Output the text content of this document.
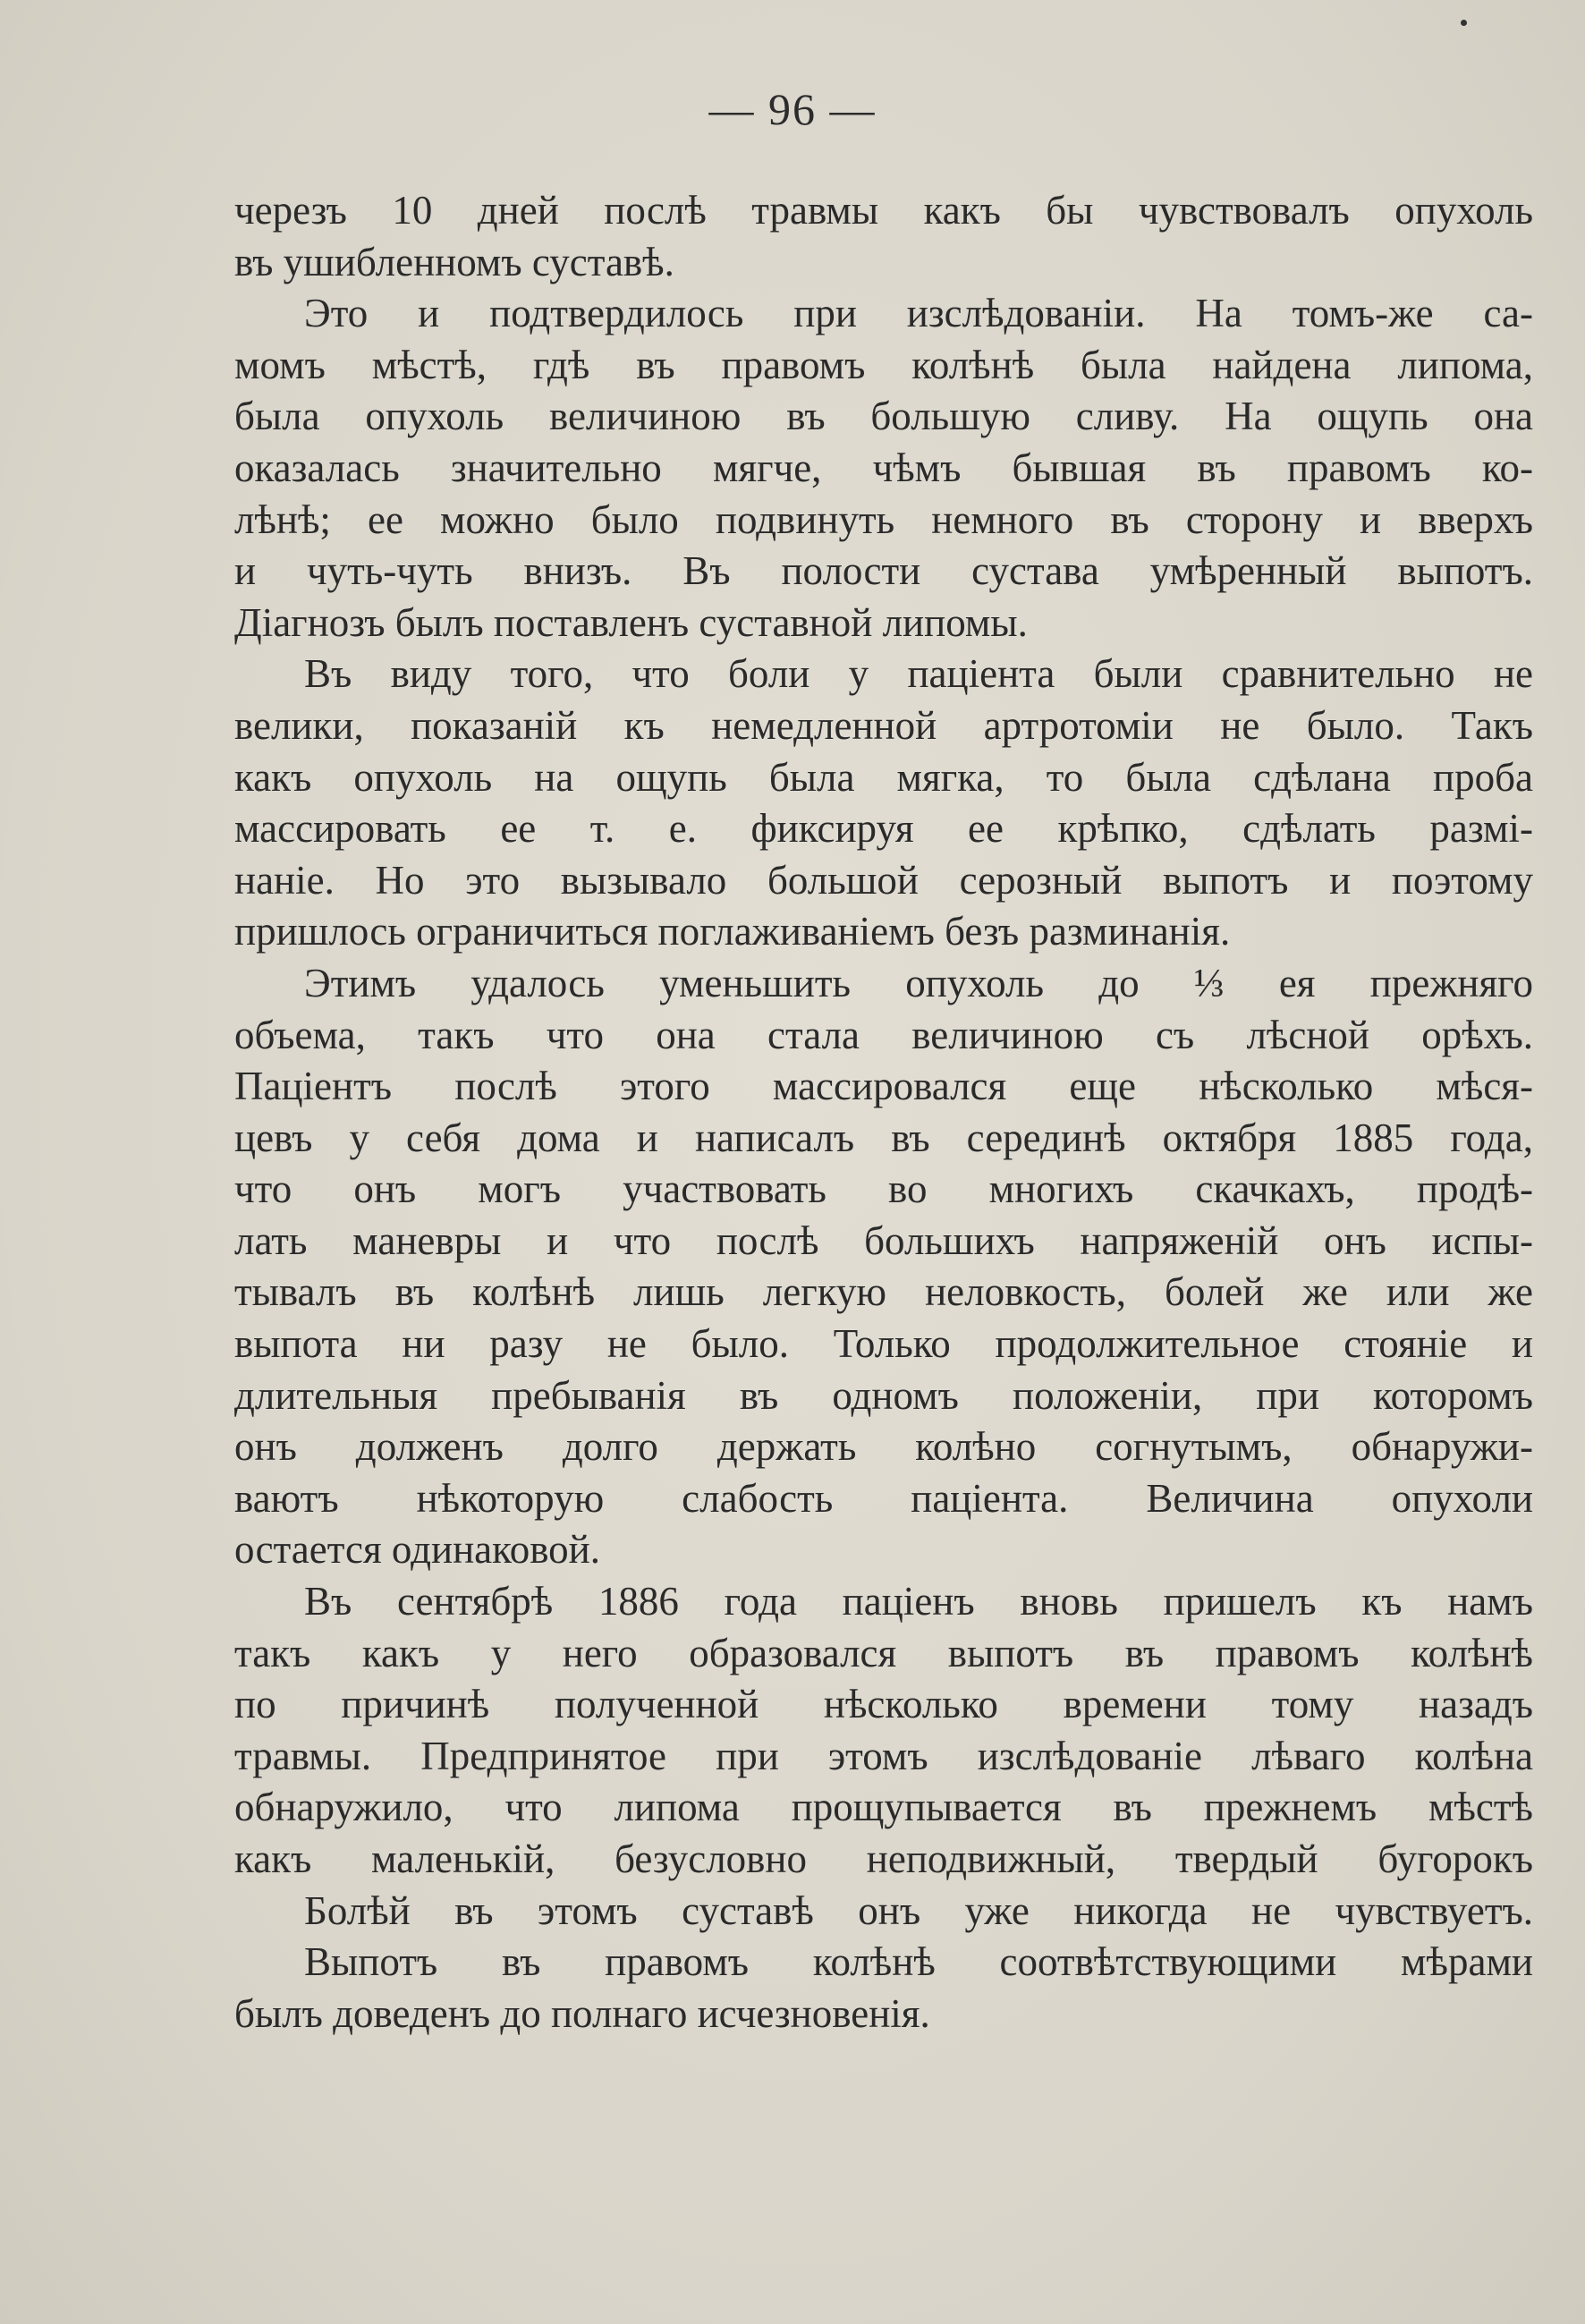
— 96 —
черезъ 10 дней послѣ травмы какъ бы чувствовалъ опухоль
въ ушибленномъ суставѣ.
Это и подтвердилось при изслѣдованіи. На томъ-же са-
момъ мѣстѣ, гдѣ въ правомъ колѣнѣ была найдена липома,
была опухоль величиною въ большую сливу. На ощупь она
оказалась значительно мягче, чѣмъ бывшая въ правомъ ко-
лѣнѣ; ее можно было подвинуть немного въ сторону и вверхъ
и чуть-чуть внизъ. Въ полости сустава умѣренный выпотъ.
Діагнозъ былъ поставленъ суставной липомы.
Въ виду того, что боли у пaціента были сравнительно не
велики, показаній къ немедленной артротоміи не было. Такъ
какъ опухоль на ощупь была мягка, то была сдѣлана проба
массировать ее т. е. фиксируя ее крѣпко, сдѣлать размі-
наніе. Но это вызывало большой серозный выпотъ и поэтому
пришлось ограничиться поглаживаніемъ безъ разминанія.
Этимъ удалось уменьшить опухоль до ⅓ ея прежняго
объема, такъ что она стала величиною съ лѣсной орѣхъ.
Паціентъ послѣ этого массировался еще нѣсколько мѣся-
цевъ у себя дома и написалъ въ серединѣ октября 1885 года,
что онъ могъ участвовать во многихъ скачкахъ, продѣ-
лать маневры и что послѣ большихъ напряженій онъ испы-
тывалъ въ колѣнѣ лишь легкую неловкость, болей же или же
выпота ни разу не было. Только продолжительное стояніе и
длительныя пребыванія въ одномъ положеніи, при которомъ
онъ долженъ долго держать колѣно согнутымъ, обнаружи-
ваютъ нѣкоторую слабость паціента. Величина опухоли
остается одинаковой.
Въ сентябрѣ 1886 года паціенъ вновь пришелъ къ намъ
такъ какъ у него образовался выпотъ въ правомъ колѣнѣ
по причинѣ полученной нѣсколько времени тому назадъ
травмы. Предпринятое при этомъ изслѣдованіе лѣваго колѣна
обнаружило, что липома прощупывается въ прежнемъ мѣстѣ
какъ маленькій, безусловно неподвижный, твердый бугорокъ
Болѣй въ этомъ суставѣ онъ уже никогда не чувствуетъ.
Выпотъ въ правомъ колѣнѣ соотвѣтствующими мѣрами
былъ доведенъ до полнаго исчезновенія.
